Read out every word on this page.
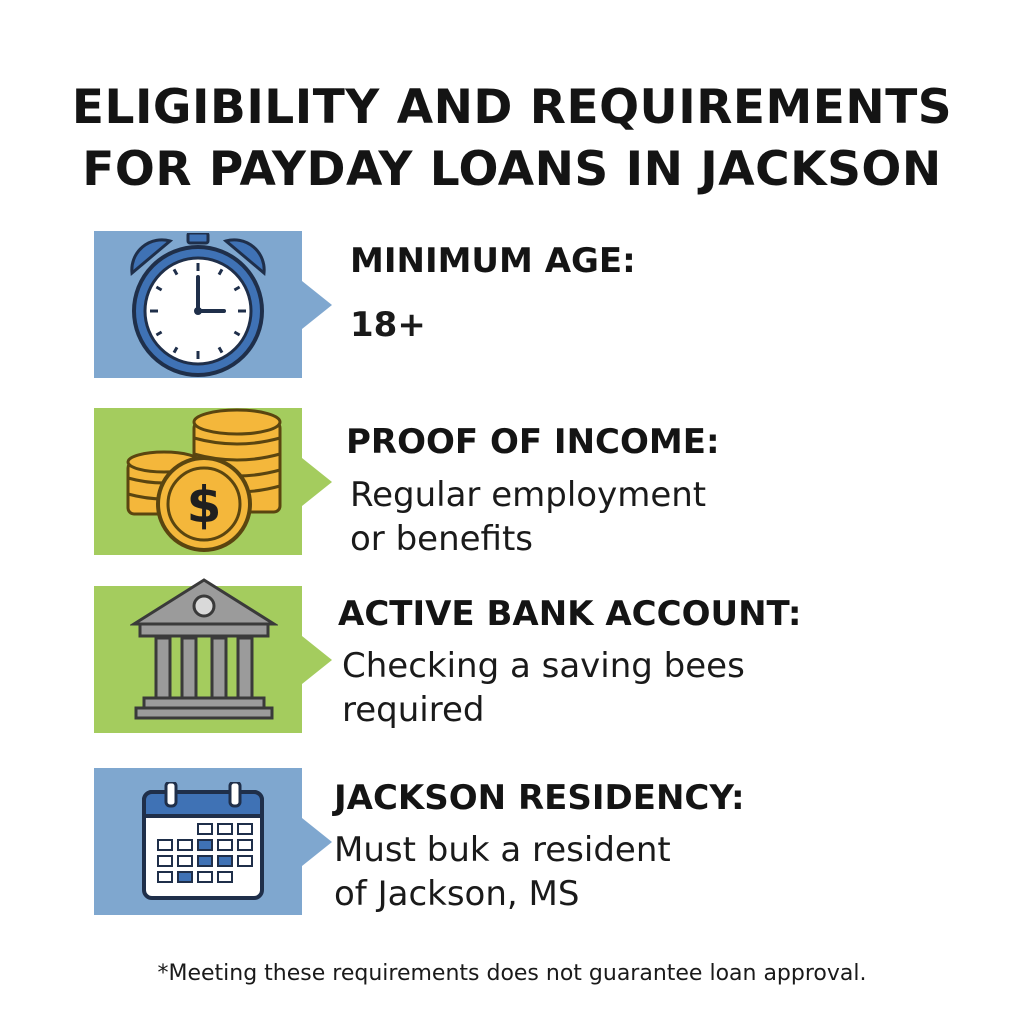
ELIGIBILITY AND REQUIREMENTS
FOR PAYDAY LOANS IN JACKSON
MINIMUM AGE:
18+
$
PROOF OF INCOME:
Regular employment
or benefits
ACTIVE BANK ACCOUNT:
Checking a saving bees
required
JACKSON RESIDENCY:
Must buk a resident
of Jackson, MS
*Meeting these requirements does not guarantee loan approval.
